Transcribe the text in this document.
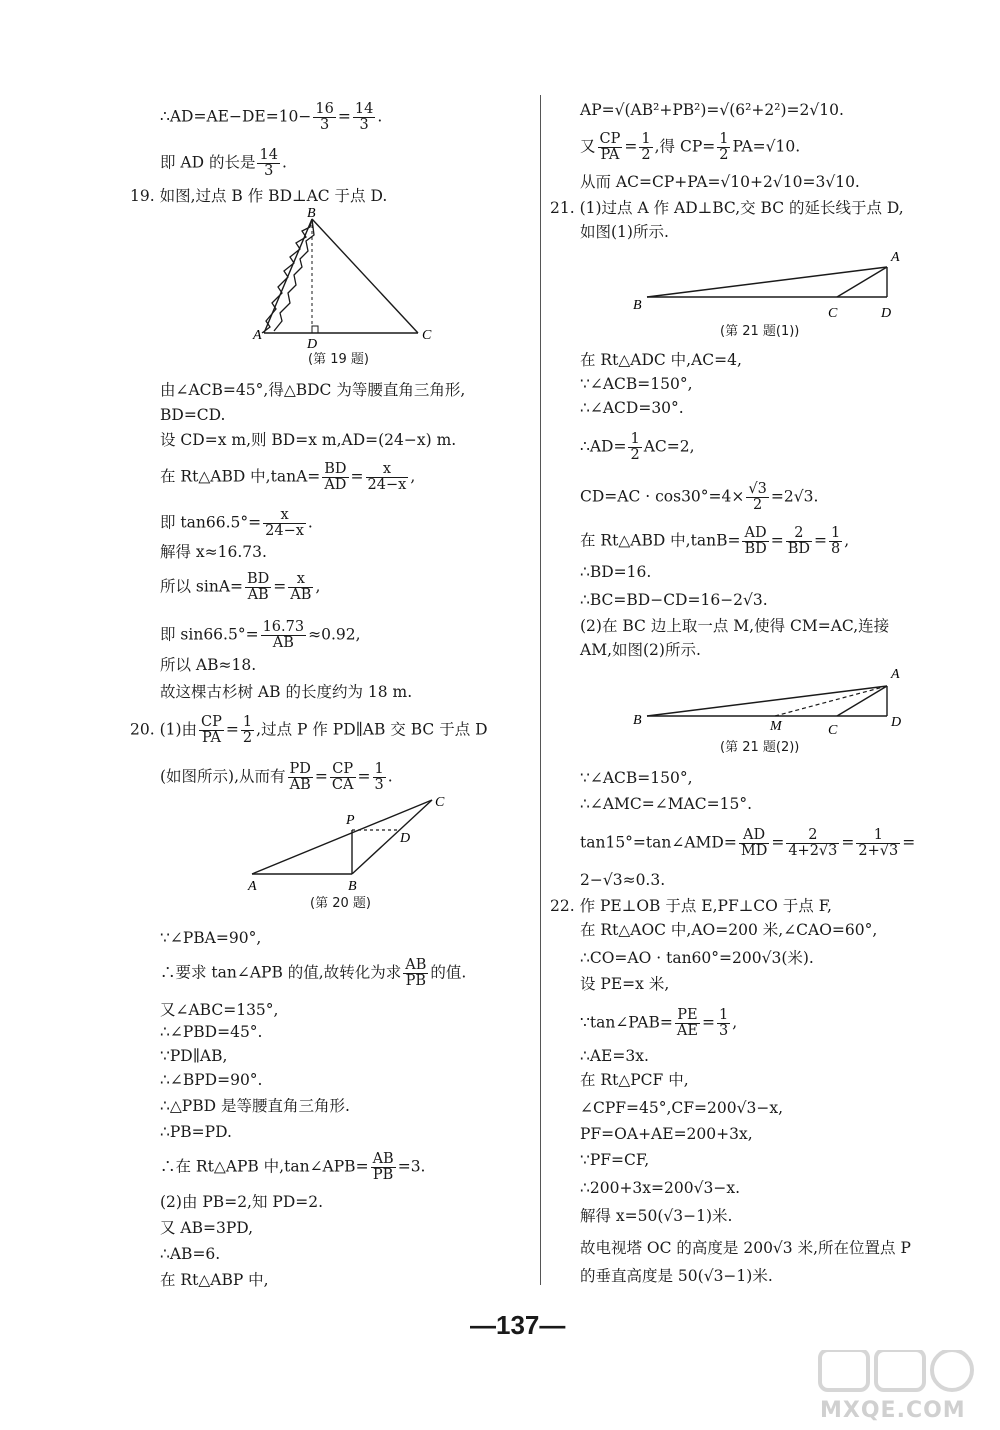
∴AD=AE−DE=10− $\frac{16}{3} = \frac{14}{3}$ .
即 AD 的长是 $\frac{14}{3}$ .
19. 如图,过点 B 作 BD⊥AC 于点 D.
B
A
D
C
(第 19 题)
由∠ACB=45°,得△BDC 为等腰直角三角形,
BD=CD.
设 CD=x m,则 BD=x m,AD=(24−x) m.
在 Rt△ABD 中$,\tan A= \frac{BD}{AD} = \frac{x}{24-x}$ ,
即 $\tan 66.5^\circ= \frac{x}{24-x}$ .
解得 x≈16.73.
所以 $\sin A= \frac{BD}{AB} = \frac{x}{AB}$ ,
即 $\sin 66.5^\circ= \frac{16.73}{AB} \approx 0.92$,
所以 AB≈18.
故这棵古杉树 AB 的长度约为 18 m.
20. (1)由 $\frac{CP}{PA} = \frac{1}{2}$ ,过点 P 作 PD∥AB 交 BC 于点 D
(如图所示),从而有 $\frac{PD}{AB} = \frac{CP}{CA} = \frac{1}{3}$ .
C
P
D
A	B
(第 20 题)
∵∠PBA=90°,
∴要求 tan∠APB 的值,故转化为求 $\frac{AB}{PB}$ 的值.
又∠ABC=135°,
∴∠PBD=45°.
∵PD∥AB,
∴∠BPD=90°.
∴△PBD 是等腰直角三角形.
∴PB=PD.
∴在 Rt△APB 中,tan∠APB= $\frac{AB}{PB} =3$.
(2)由 PB=2,知 PD=2.
又 AB=3PD,
∴AB=6.
在 Rt△ABP 中,
AP=√(AB²+PB²)=√(6²+2²)=2√10.
又 $\frac{CP}{PA} = \frac{1}{2}$ ,得 $CP= \frac{1}{2} PA=√10$.
从而 AC=CP+PA=√10+2√10=3√10.
21. (1)过点 A 作 AD⊥BC,交 BC 的延长线于点 D,
如图(1)所示.
A
B
C	D
(第 21 题(1))
在 Rt△ADC 中,AC=4,
∵∠ACB=150°,
∴∠ACD=30°.
∴AD= $\frac{1}{2} AC=2$,
$CD=AC \cdot \cos 30^\circ=4\times \frac{√3}{2} =2√3$.
在 Rt△ABD 中$,\tan B= \frac{AD}{BD} = \frac{2}{BD} = \frac{1}{8}$ ,
∴BD=16.
∴BC=BD−CD=16−2√3.
(2)在 BC 边上取一点 M,使得 CM=AC,连接
AM,如图(2)所示.
A
B	M	C
D
(第 21 题(2))
∵∠ACB=150°,
∴∠AMC=∠MAC=15°.
tan15°=tan∠AMD= $\frac{AD}{MD} = \frac{2}{4+2√3} = \frac{1}{2+√3}$ =
2−√3≈0.3.
22. 作 PE⊥OB 于点 E,PF⊥CO 于点 F,
在 Rt△AOC 中,AO=200 米,∠CAO=60°,
∴CO=AO · tan60°=200√3(米).
设 PE=x 米,
∵tan∠PAB= $\frac{PE}{AE} = \frac{1}{3}$ ,
∴AE=3x.
在 Rt△PCF 中,
∠CPF=45°,CF=200√3−x,
PF=OA+AE=200+3x,
∵PF=CF,
∴200+3x=200√3−x.
解得 x=50(√3−1)米.
故电视塔 OC 的高度是 200√3 米,所在位置点 P
的垂直高度是 50(√3−1)米.
—137—
MXQE.COM
